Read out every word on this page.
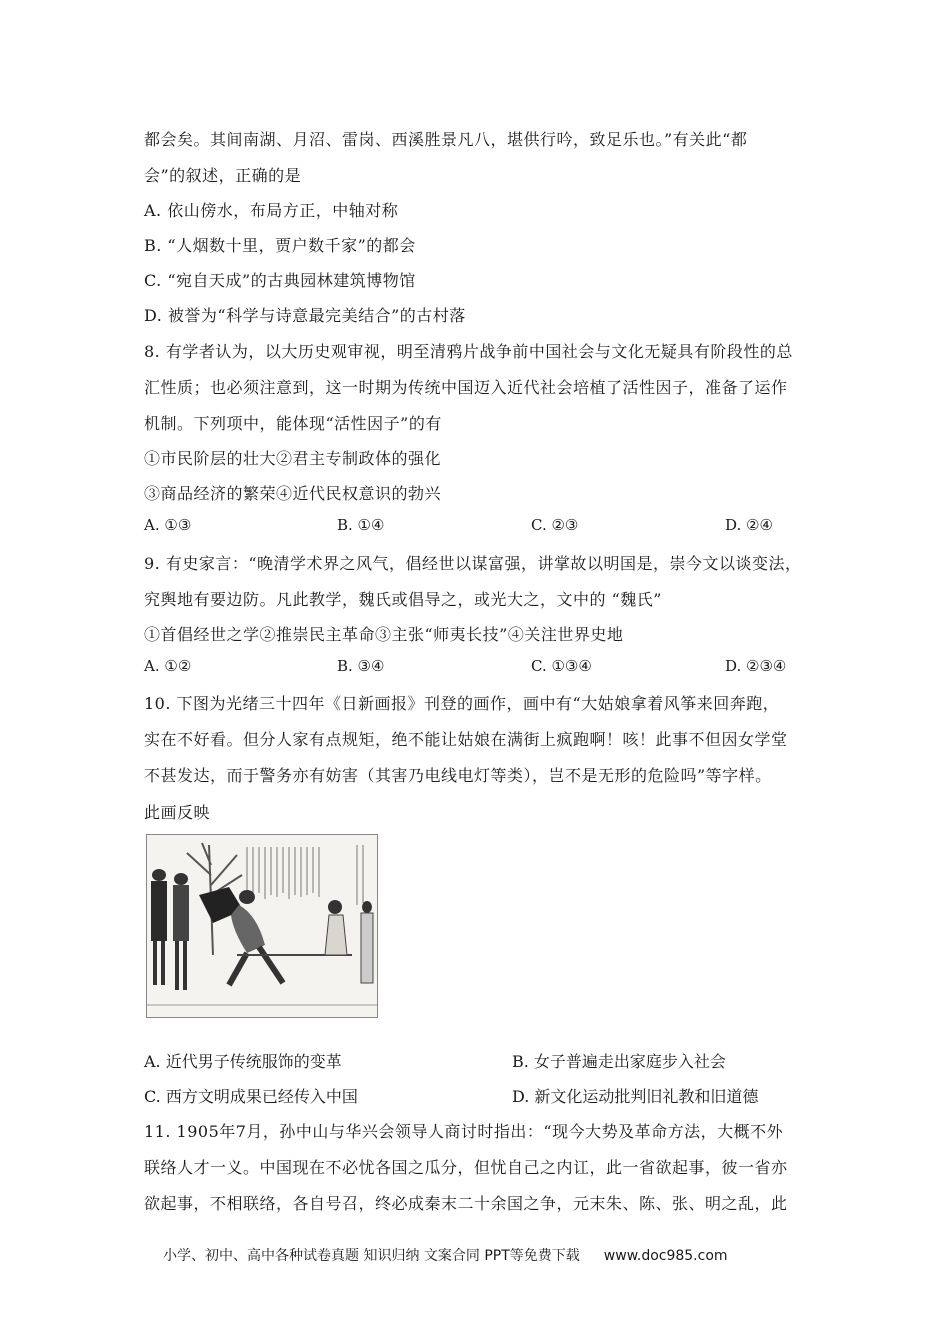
都会矣。其间南湖、月沼、雷岗、西溪胜景凡八，堪供行吟，致足乐也。”有关此“都
会”的叙述，正确的是
A. 依山傍水，布局方正，中轴对称
B. “人烟数十里，贾户数千家”的都会
C. “宛自天成”的古典园林建筑博物馆
D. 被誉为“科学与诗意最完美结合”的古村落
8. 有学者认为，以大历史观审视，明至清鸦片战争前中国社会与文化无疑具有阶段性的总
汇性质；也必须注意到，这一时期为传统中国迈入近代社会培植了活性因子，准备了运作
机制。下列项中，能体现“活性因子”的有
①市民阶层的壮大②君主专制政体的强化
③商品经济的繁荣④近代民权意识的勃兴
A. ①③	B. ①④	C. ②③	D. ②④
9. 有史家言：“晚清学术界之风气，倡经世以谋富强，讲掌故以明国是，崇今文以谈变法，
究舆地有要边防。凡此教学，魏氏或倡导之，或光大之，文中的 “魏氏”
①首倡经世之学②推崇民主革命③主张“师夷长技”④关注世界史地
A. ①②	B. ③④	C. ①③④	D. ②③④
10. 下图为光绪三十四年《日新画报》刊登的画作，画中有“大姑娘拿着风筝来回奔跑，
实在不好看。但分人家有点规矩，绝不能让姑娘在满街上疯跑啊！咳！此事不但因女学堂
不甚发达，而于警务亦有妨害（其害乃电线电灯等类），岂不是无形的危险吗”等字样。
此画反映
A. 近代男子传统服饰的变革	B. 女子普遍走出家庭步入社会
C. 西方文明成果已经传入中国	D. 新文化运动批判旧礼教和旧道德
11. 1905年7月，孙中山与华兴会领导人商讨时指出：“现今大势及革命方法，大概不外
联络人才一义。中国现在不必忧各国之瓜分，但忧自己之内讧，此一省欲起事，彼一省亦
欲起事，不相联络，各自号召，终必成秦末二十余国之争，元末朱、陈、张、明之乱，此
小学、初中、高中各种试卷真题 知识归纳 文案合同 PPT等免费下载 www.doc985.com
